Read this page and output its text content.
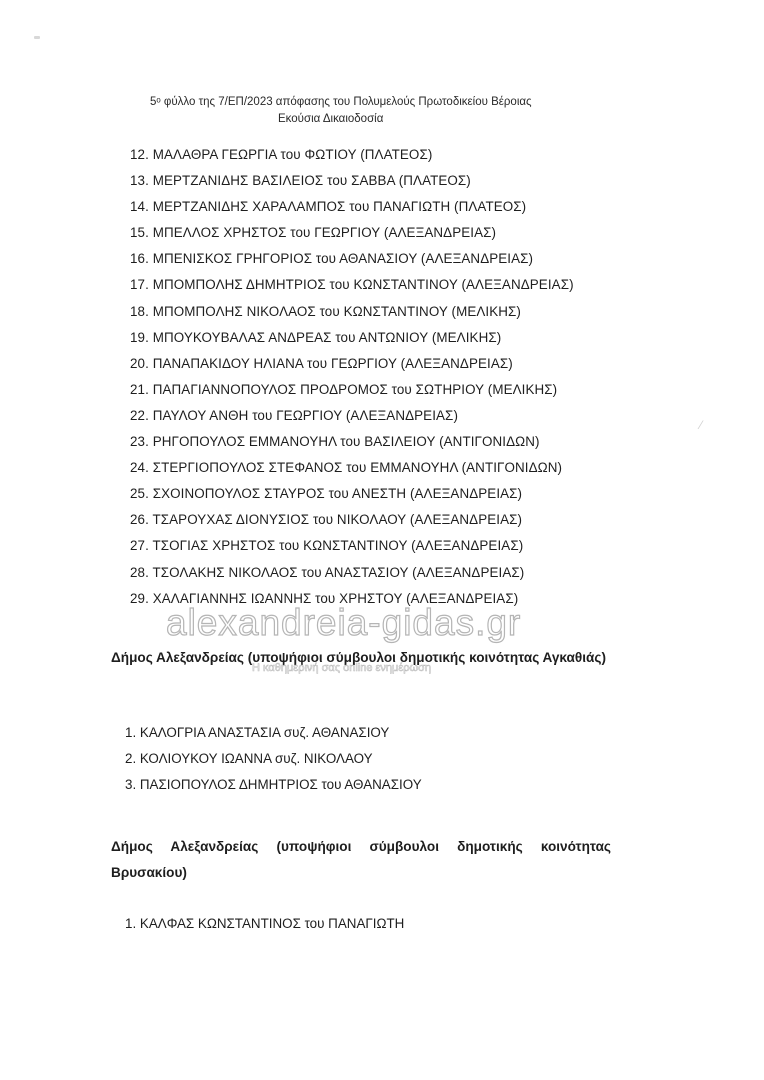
5ᵒ φύλλο της 7/ΕΠ/2023 απόφασης του Πολυμελούς Πρωτοδικείου Βέροιας
Εκούσια Δικαιοδοσία
12. ΜΑΛΑΘΡΑ ΓΕΩΡΓΙΑ του ΦΩΤΙΟΥ (ΠΛΑΤΕΟΣ)
13. ΜΕΡΤΖΑΝΙΔΗΣ ΒΑΣΙΛΕΙΟΣ του ΣΑΒΒΑ (ΠΛΑΤΕΟΣ)
14. ΜΕΡΤΖΑΝΙΔΗΣ ΧΑΡΑΛΑΜΠΟΣ του ΠΑΝΑΓΙΩΤΗ (ΠΛΑΤΕΟΣ)
15. ΜΠΕΛΛΟΣ ΧΡΗΣΤΟΣ του ΓΕΩΡΓΙΟΥ (ΑΛΕΞΑΝΔΡΕΙΑΣ)
16. ΜΠΕΝΙΣΚΟΣ ΓΡΗΓΟΡΙΟΣ του ΑΘΑΝΑΣΙΟΥ (ΑΛΕΞΑΝΔΡΕΙΑΣ)
17. ΜΠΟΜΠΟΛΗΣ ΔΗΜΗΤΡΙΟΣ του ΚΩΝΣΤΑΝΤΙΝΟΥ (ΑΛΕΞΑΝΔΡΕΙΑΣ)
18. ΜΠΟΜΠΟΛΗΣ ΝΙΚΟΛΑΟΣ του ΚΩΝΣΤΑΝΤΙΝΟΥ (ΜΕΛΙΚΗΣ)
19. ΜΠΟΥΚΟΥΒΑΛΑΣ ΑΝΔΡΕΑΣ του ΑΝΤΩΝΙΟΥ (ΜΕΛΙΚΗΣ)
20. ΠΑΝΑΠΑΚΙΔΟΥ ΗΛΙΑΝΑ του ΓΕΩΡΓΙΟΥ (ΑΛΕΞΑΝΔΡΕΙΑΣ)
21. ΠΑΠΑΓΙΑΝΝΟΠΟΥΛΟΣ ΠΡΟΔΡΟΜΟΣ του ΣΩΤΗΡΙΟΥ (ΜΕΛΙΚΗΣ)
22. ΠΑΥΛΟΥ ΑΝΘΗ του ΓΕΩΡΓΙΟΥ (ΑΛΕΞΑΝΔΡΕΙΑΣ)
23. ΡΗΓΟΠΟΥΛΟΣ ΕΜΜΑΝΟΥΗΛ του ΒΑΣΙΛΕΙΟΥ (ΑΝΤΙΓΟΝΙΔΩΝ)
24. ΣΤΕΡΓΙΟΠΟΥΛΟΣ ΣΤΕΦΑΝΟΣ του ΕΜΜΑΝΟΥΗΛ (ΑΝΤΙΓΟΝΙΔΩΝ)
25. ΣΧΟΙΝΟΠΟΥΛΟΣ ΣΤΑΥΡΟΣ του ΑΝΕΣΤΗ (ΑΛΕΞΑΝΔΡΕΙΑΣ)
26. ΤΣΑΡΟΥΧΑΣ ΔΙΟΝΥΣΙΟΣ του ΝΙΚΟΛΑΟΥ (ΑΛΕΞΑΝΔΡΕΙΑΣ)
27. ΤΣΟΓΙΑΣ ΧΡΗΣΤΟΣ του ΚΩΝΣΤΑΝΤΙΝΟΥ (ΑΛΕΞΑΝΔΡΕΙΑΣ)
28. ΤΣΟΛΑΚΗΣ ΝΙΚΟΛΑΟΣ του ΑΝΑΣΤΑΣΙΟΥ (ΑΛΕΞΑΝΔΡΕΙΑΣ)
29. ΧΑΛΑΓΙΑΝΝΗΣ ΙΩΑΝΝΗΣ του ΧΡΗΣΤΟΥ (ΑΛΕΞΑΝΔΡΕΙΑΣ)
⁄
Δήμος Αλεξανδρείας (υποψήφιοι σύμβουλοι δημοτικής κοινότητας Αγκαθιάς)
alexandreia-gidas.gr
Η καθημερινή σας online ενημέρωση
1. ΚΑΛΟΓΡΙΑ ΑΝΑΣΤΑΣΙΑ συζ. ΑΘΑΝΑΣΙΟΥ
2. ΚΟΛΙΟΥΚΟΥ ΙΩΑΝΝΑ συζ. ΝΙΚΟΛΑΟΥ
3. ΠΑΣΙΟΠΟΥΛΟΣ ΔΗΜΗΤΡΙΟΣ του ΑΘΑΝΑΣΙΟΥ
Δήμος Αλεξανδρείας (υποψήφιοι σύμβουλοι δημοτικής κοινότητας Βρυσακίου)
1. ΚΑΛΦΑΣ ΚΩΝΣΤΑΝΤΙΝΟΣ του ΠΑΝΑΓΙΩΤΗ
